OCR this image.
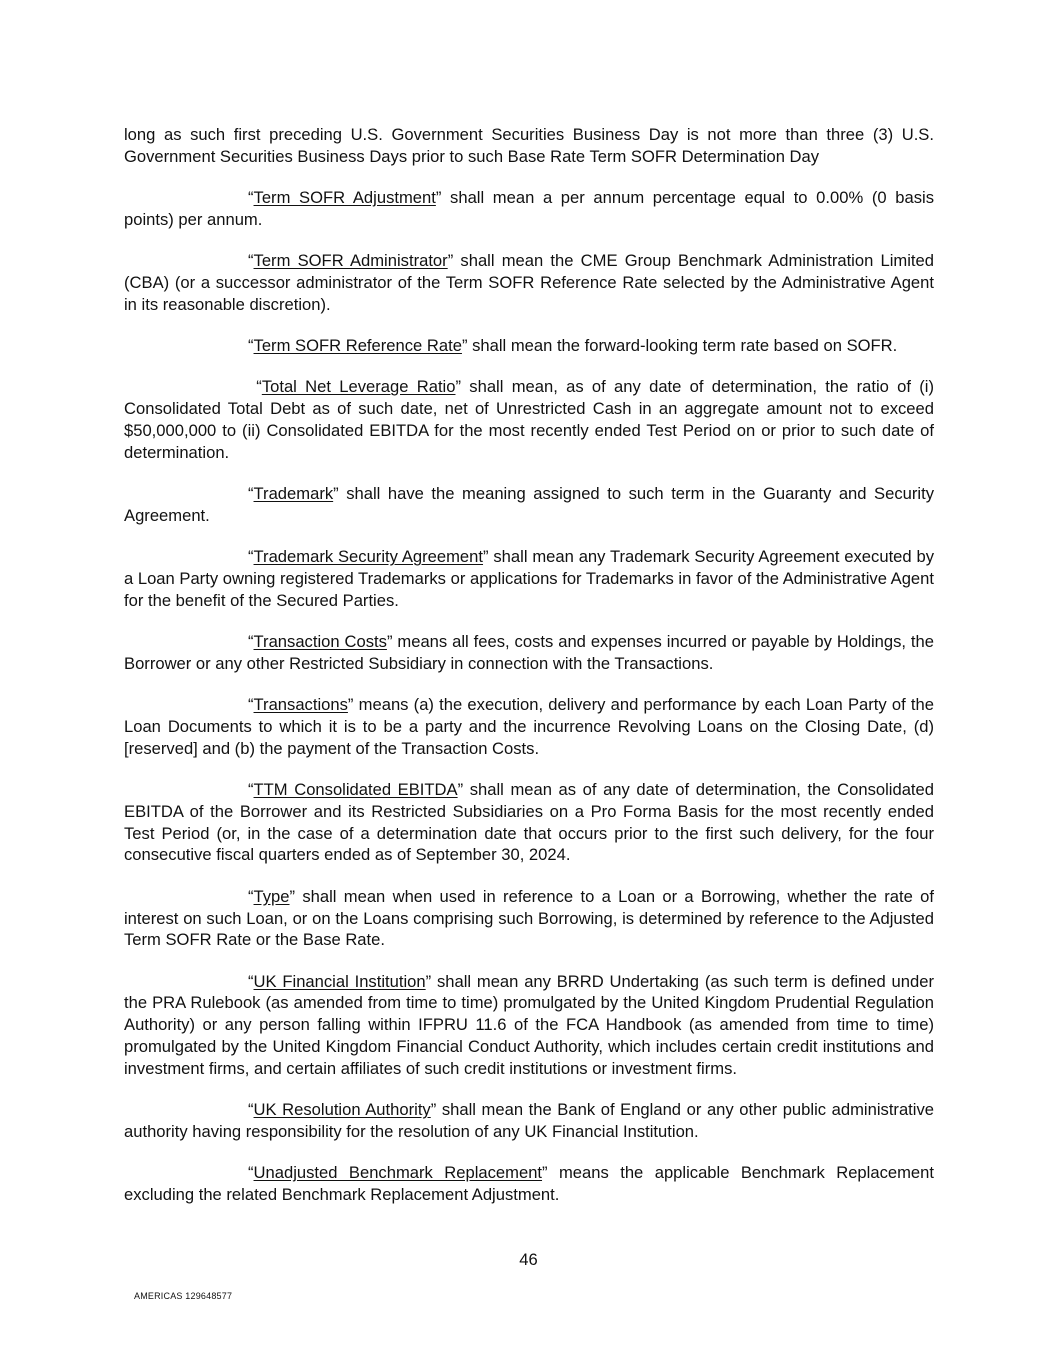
long as such first preceding U.S. Government Securities Business Day is not more than three (3) U.S. Government Securities Business Days prior to such Base Rate Term SOFR Determination Day

“Term SOFR Adjustment” shall mean a per annum percentage equal to 0.00% (0 basis points) per annum.

“Term SOFR Administrator” shall mean the CME Group Benchmark Administration Limited (CBA) (or a successor administrator of the Term SOFR Reference Rate selected by the Administrative Agent in its reasonable discretion).

“Term SOFR Reference Rate” shall mean the forward-looking term rate based on SOFR.

“Total Net Leverage Ratio” shall mean, as of any date of determination, the ratio of (i) Consolidated Total Debt as of such date, net of Unrestricted Cash in an aggregate amount not to exceed $50,000,000 to (ii) Consolidated EBITDA for the most recently ended Test Period on or prior to such date of determination.

“Trademark” shall have the meaning assigned to such term in the Guaranty and Security Agreement.

“Trademark Security Agreement” shall mean any Trademark Security Agreement executed by a Loan Party owning registered Trademarks or applications for Trademarks in favor of the Administrative Agent for the benefit of the Secured Parties.

“Transaction Costs” means all fees, costs and expenses incurred or payable by Holdings, the Borrower or any other Restricted Subsidiary in connection with the Transactions.

“Transactions” means (a) the execution, delivery and performance by each Loan Party of the Loan Documents to which it is to be a party and the incurrence Revolving Loans on the Closing Date, (d) [reserved] and (b) the payment of the Transaction Costs.

“TTM Consolidated EBITDA” shall mean as of any date of determination, the Consolidated EBITDA of the Borrower and its Restricted Subsidiaries on a Pro Forma Basis for the most recently ended Test Period (or, in the case of a determination date that occurs prior to the first such delivery, for the four consecutive fiscal quarters ended as of September 30, 2024.

“Type” shall mean when used in reference to a Loan or a Borrowing, whether the rate of interest on such Loan, or on the Loans comprising such Borrowing, is determined by reference to the Adjusted Term SOFR Rate or the Base Rate.

“UK Financial Institution” shall mean any BRRD Undertaking (as such term is defined under the PRA Rulebook (as amended from time to time) promulgated by the United Kingdom Prudential Regulation Authority) or any person falling within IFPRU 11.6 of the FCA Handbook (as amended from time to time) promulgated by the United Kingdom Financial Conduct Authority, which includes certain credit institutions and investment firms, and certain affiliates of such credit institutions or investment firms.

“UK Resolution Authority” shall mean the Bank of England or any other public administrative authority having responsibility for the resolution of any UK Financial Institution.

“Unadjusted Benchmark Replacement” means the applicable Benchmark Replacement excluding the related Benchmark Replacement Adjustment.

46
AMERICAS 129648577
